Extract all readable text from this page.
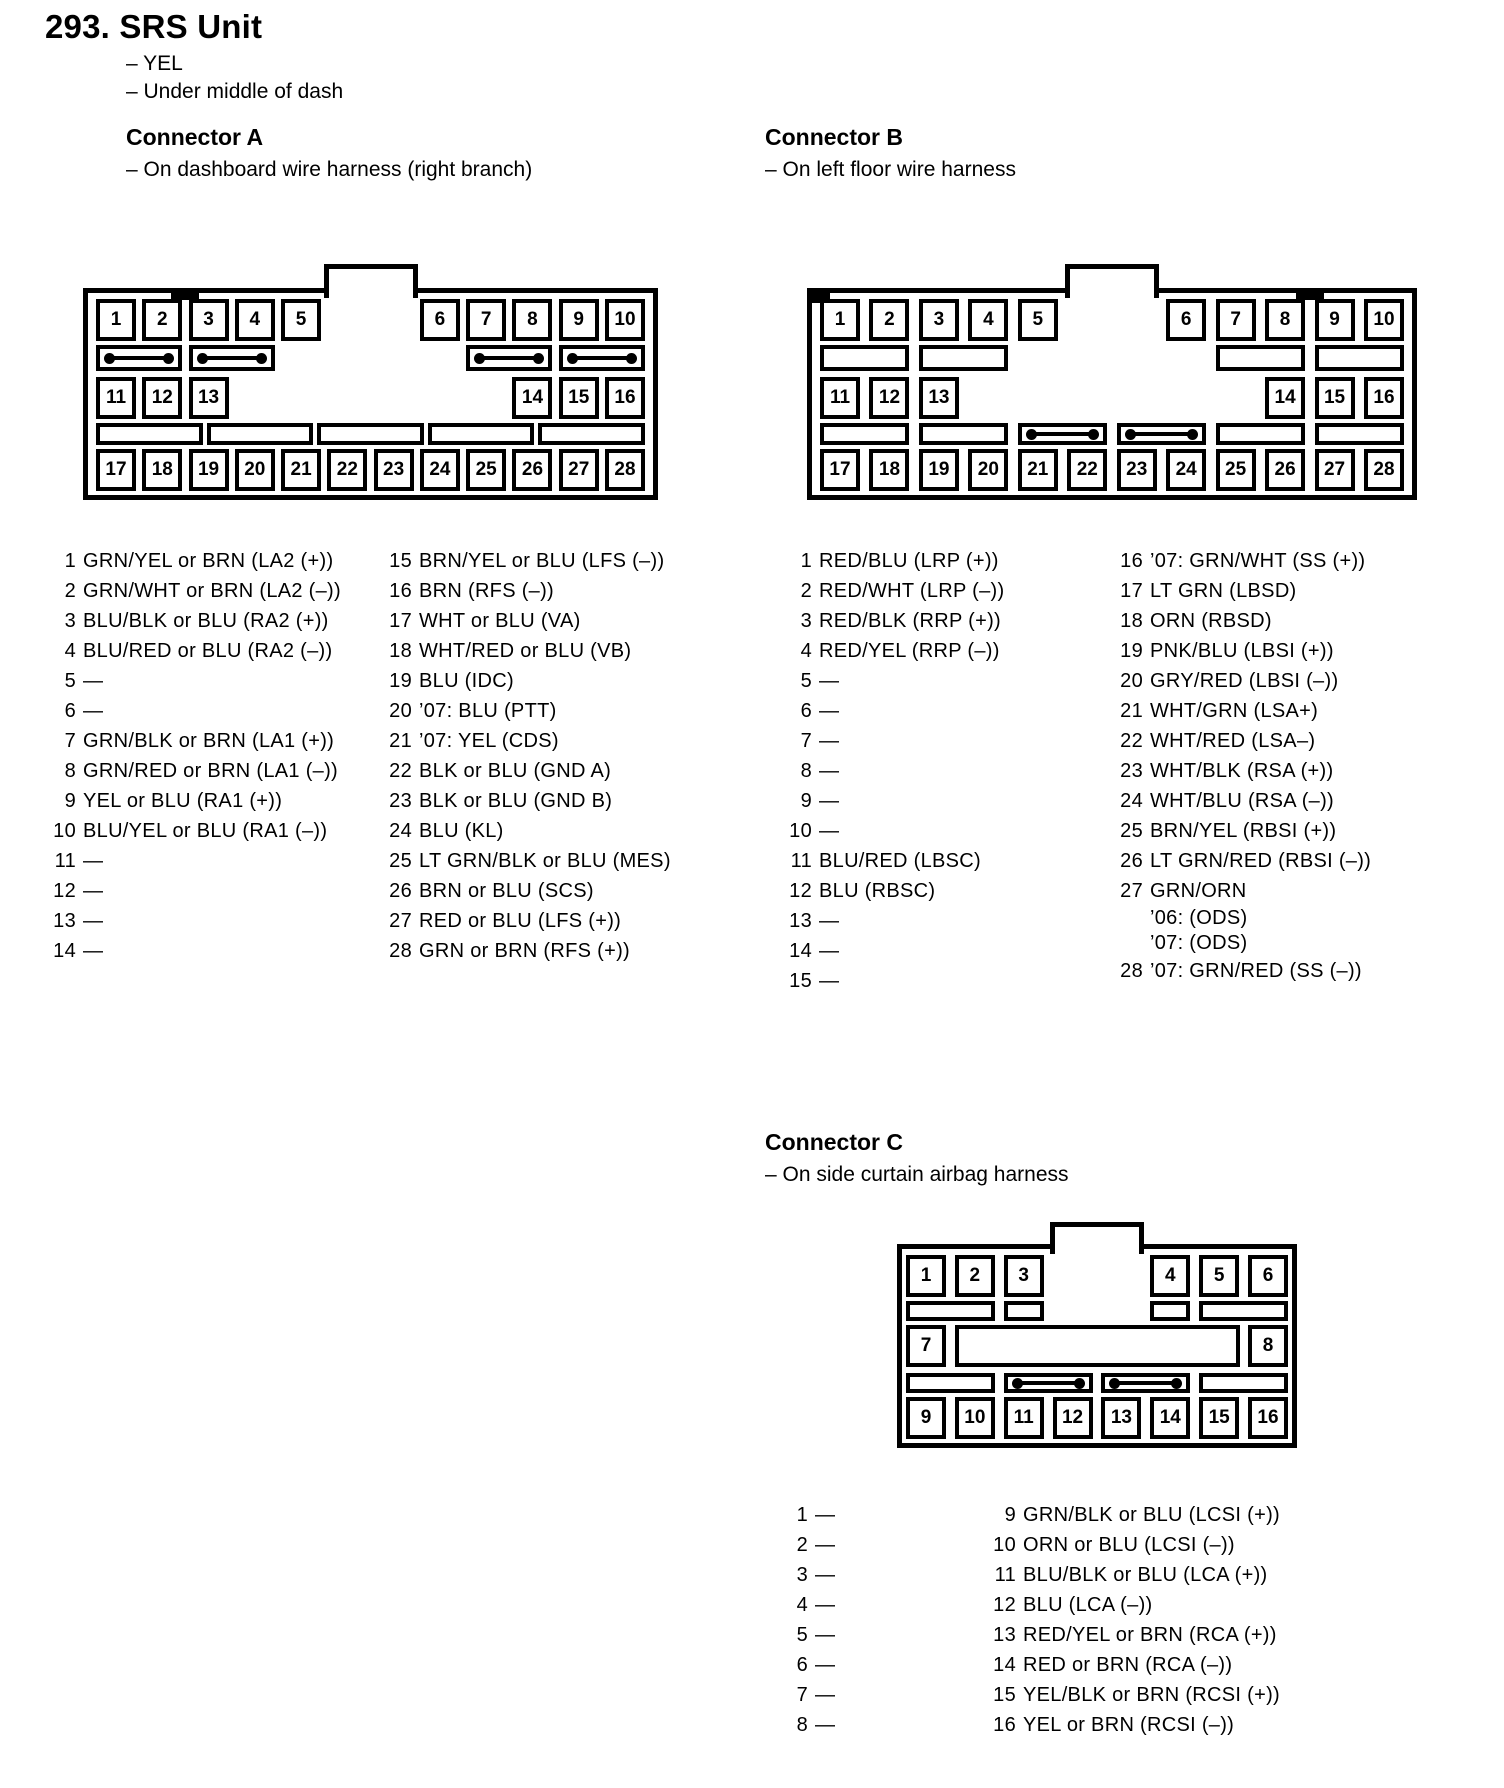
293. SRS Unit
– YEL
– Under middle of dash
Connector A
– On dashboard wire harness (right branch)
Connector B
– On left floor wire harness
1	2	3	4	5	6	7	8	9	10
11	12	13	14	15	16
17	18	19	20	21	22	23	24	25	26	27	28
1	2	3	4	5	6	7	8	9	10
11	12	13	14	15	16
17	18	19	20	21	22	23	24	25	26	27	28
1 GRN/YEL or BRN (LA2 (+))
2 GRN/WHT or BRN (LA2 (–))
3 BLU/BLK or BLU (RA2 (+))
4 BLU/RED or BLU (RA2 (–))
5 —
6 —
7 GRN/BLK or BRN (LA1 (+))
8 GRN/RED or BRN (LA1 (–))
9 YEL or BLU (RA1 (+))
10 BLU/YEL or BLU (RA1 (–))
11 —
12 —
13 —
14 —
15 BRN/YEL or BLU (LFS (–))
16 BRN (RFS (–))
17 WHT or BLU (VA)
18 WHT/RED or BLU (VB)
19 BLU (IDC)
20 ’07: BLU (PTT)
21 ’07: YEL (CDS)
22 BLK or BLU (GND A)
23 BLK or BLU (GND B)
24 BLU (KL)
25 LT GRN/BLK or BLU (MES)
26 BRN or BLU (SCS)
27 RED or BLU (LFS (+))
28 GRN or BRN (RFS (+))
1 RED/BLU (LRP (+))
2 RED/WHT (LRP (–))
3 RED/BLK (RRP (+))
4 RED/YEL (RRP (–))
5 —
6 —
7 —
8 —
9 —
10 —
11 BLU/RED (LBSC)
12 BLU (RBSC)
13 —
14 —
15 —
16 ’07: GRN/WHT (SS (+))
17 LT GRN (LBSD)
18 ORN (RBSD)
19 PNK/BLU (LBSI (+))
20 GRY/RED (LBSI (–))
21 WHT/GRN (LSA+)
22 WHT/RED (LSA–)
23 WHT/BLK (RSA (+))
24 WHT/BLU (RSA (–))
25 BRN/YEL (RBSI (+))
26 LT GRN/RED (RBSI (–))
27 GRN/ORN
’06: (ODS)
’07: (ODS)
28 ’07: GRN/RED (SS (–))
Connector C
– On side curtain airbag harness
1	2	3	4	5	6
7	8
9	10	11	12	13	14	15	16
1 —
2 —
3 —
4 —
5 —
6 —
7 —
8 —
9 GRN/BLK or BLU (LCSI (+))
10 ORN or BLU (LCSI (–))
11 BLU/BLK or BLU (LCA (+))
12 BLU (LCA (–))
13 RED/YEL or BRN (RCA (+))
14 RED or BRN (RCA (–))
15 YEL/BLK or BRN (RCSI (+))
16 YEL or BRN (RCSI (–))
